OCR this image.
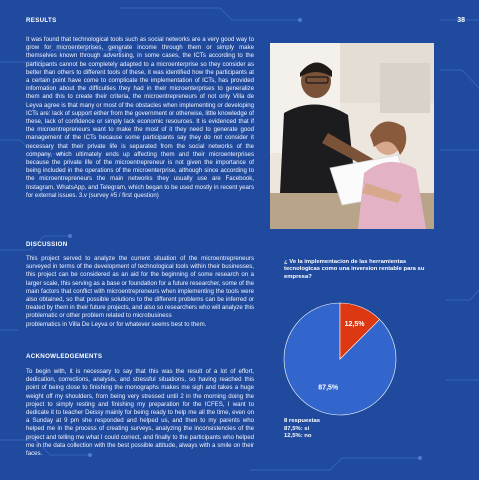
38
RESULTS
It was found that technological tools such as social networks are a very good way to grow for microenterprises, generate income through them or simply make themselves known through advertising, in some cases, the ICTs according to the participants cannot be completely adapted to a microenterprise so they consider as better than others to different tools of these, it was identified how the participants at a certain point have come to complicate the implementation of ICTs, has provided information about the difficulties they had in their microenterprises to generalize them and this to create their criteria, the microentrepreneurs of not only Villa de Leyva agree is that many or most of the obstacles when implementing or developing ICTs are: lack of support either from the government or otherwise, little knowledge of these, lack of confidence or simply lack economic resources. It is evidenced that if the microentrepreneurs want to make the most of it they need to generate good management of the ICTs because some participants say they do not consider it necessary that their private life is separated from the social networks of the company, which ultimately ends up affecting them and their microenterprises because the private life of the microentrepreneur is not given the importance of being included in the operations of the microenterprise, although since according to the microentrepreneurs the main networks they usually use are Facebook, Instagram, WhatsApp, and Telegram, which began to be used mostly in recent years for external issues. 3.v (survey #5 / first question)
DISCUSSION
This project served to analyze the current situation of the microentrepreneurs surveyed in terms of the development of technological tools within their businesses, this project can be considered as an aid for the beginning of some research on a larger scale, this serving as a base or foundation for a future researcher, some of the main factors that conflict with microentrepreneurs when implementing the tools were also obtained, so that possible solutions to the different problems can be inferred or treated by them in their future projects, and also so researchers who will analyze this problematic or other problem related to microbusiness
problematics in Villa De Leyva or for whatever seems best to them.
ACKNOWLEDGEMENTS
To begin with, it is necessary to say that this was the result of a lot of effort, dedication, corrections, analysis, and stressful situations, so having reached this point of being close to finishing the monographs makes me sigh and takes a huge weight off my shoulders, from being very stressed until 2 in the morning doing the project to simply resting and finishing my preparation for the ICFES, I want to dedicate it to teacher Deissy mainly for being ready to help me all the time, even on a Sunday at 9 pm she responded and helped us, and then to my parents who helped me in the process of creating surveys, analyzing the inconsistencies of the project and telling me what I could correct, and finally to the participants who helped me in the data collection with the best possible attitude, always with a smile on their faces.
¿ Ve la implementacion de las herramientas tecnologicas como una inversion rentable para su empresa?
87,5%
12,5%
8 respuestas
87,5%: si
12,5%: no
